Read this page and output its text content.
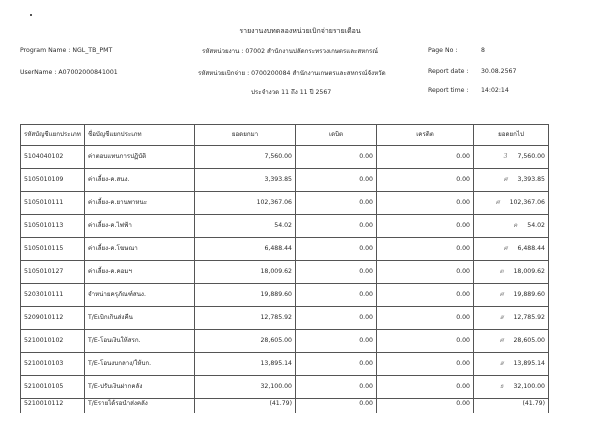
รายงานงบทดลองหน่วยเบิกจ่ายรายเดือน
Program Name : NGL_TB_PMT
UserName : A07002000841001
รหัสหน่วยงาน : 07002 สำนักงานปลัดกระทรวงเกษตรและสหกรณ์
รหัสหน่วยเบิกจ่าย : 0700200084 สำนักงานเกษตรและสหกรณ์จังหวัด
ประจำงวด 11 ถึง 11 ปี 2567
Page No :	8
Report date : 30.08.2567
Report time : 14:02:14
รหัสบัญชีแยกประเภท	ชื่อบัญชีแยกประเภท	ยอดยกมา	เดบิต	เครดิต	ยอดยกไป
5104040102	ค่าตอบแทนการปฏิบัติ	7,560.00	0.00	0.00	3 7,560.00
5105010109	ค่าเลี้ยง-ค.สนง.	3,393.85	0.00	0.00	ศ 3,393.85
5105010111	ค่าเลี้ยง-ค.ยานพาหนะ	102,367.06	0.00	0.00	ศ 102,367.06
5105010113	ค่าเลี้ยง-ค.ไฟฟ้า	54.02	0.00	0.00	ค 54.02
5105010115	ค่าเลี้ยง-ค.โฆษณา	6,488.44	0.00	0.00	ศ 6,488.44
5105010127	ค่าเลี้ยง-ค.คอมฯ	18,009.62	0.00	0.00	ต 18,009.62
5203010111	จำหน่ายครุภัณฑ์สนง.	19,889.60	0.00	0.00	ศ 19,889.60
5209010112	T/Eเบิกเกินส่งคืน	12,785.92	0.00	0.00	ส 12,785.92
5210010102	T/E-โอนเงินให้สรก.	28,605.00	0.00	0.00	ศ 28,605.00
5210010103	T/E-โอนงบกลาง/ให้บก.	13,895.14	0.00	0.00	ส 13,895.14
5210010105	T/E-ปรับเงินฝากคลัง	32,100.00	0.00	0.00	ธ 32,100.00
5210010112	T/Eรายได้รอนำส่งคลัง	(41.79)	0.00	0.00	(41.79)
